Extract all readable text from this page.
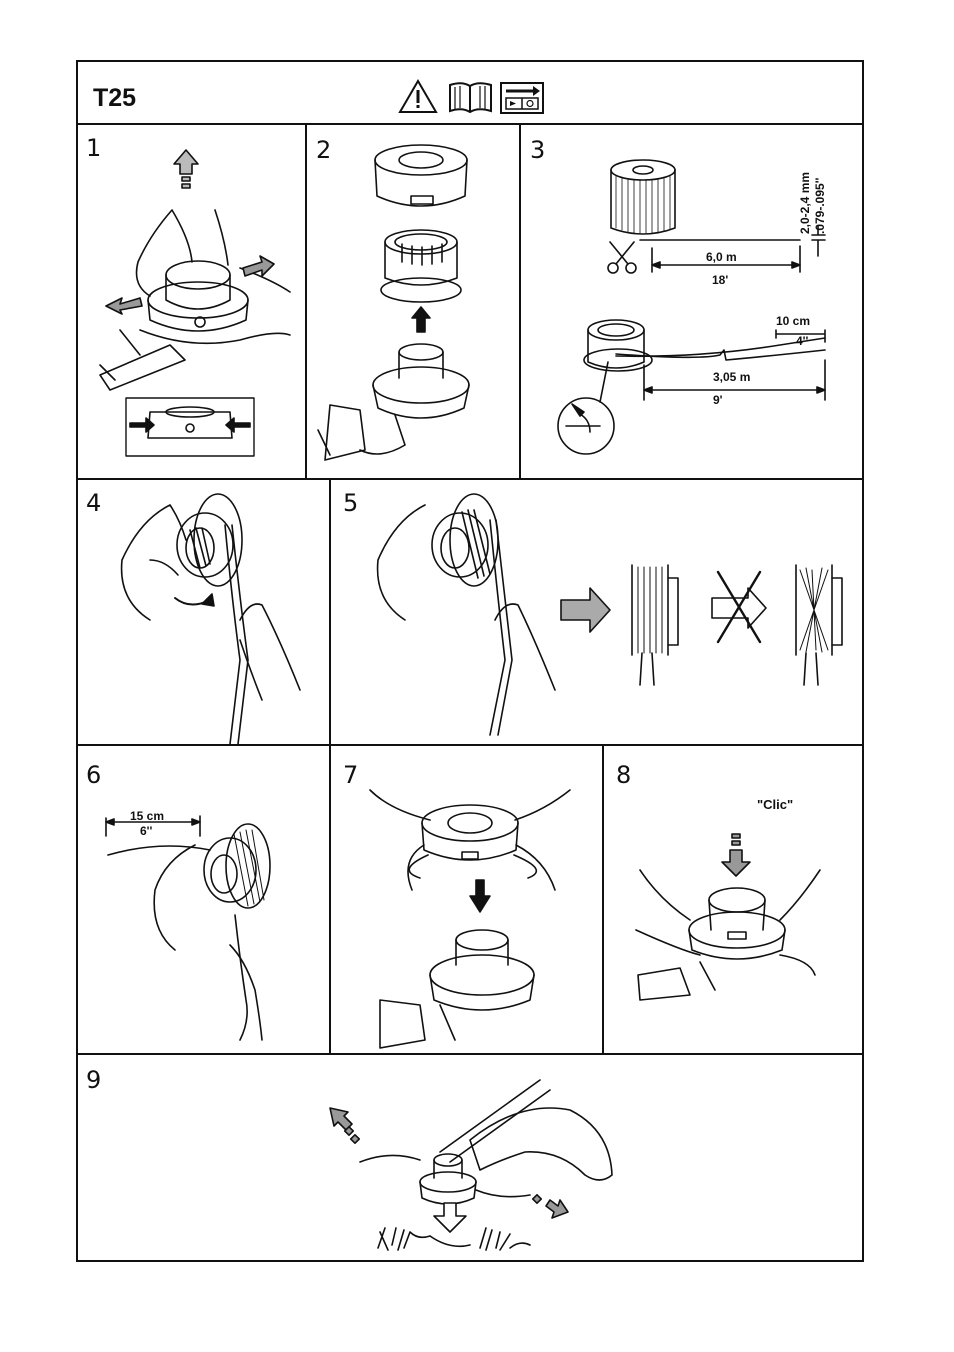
T25
1	2	3
4	5
6	7	8
9
2,0-2,4 mm .079-.095''
6,0 m
18'
10 cm
4''
3,05 m
9'
15 cm
6''
"Clic"
